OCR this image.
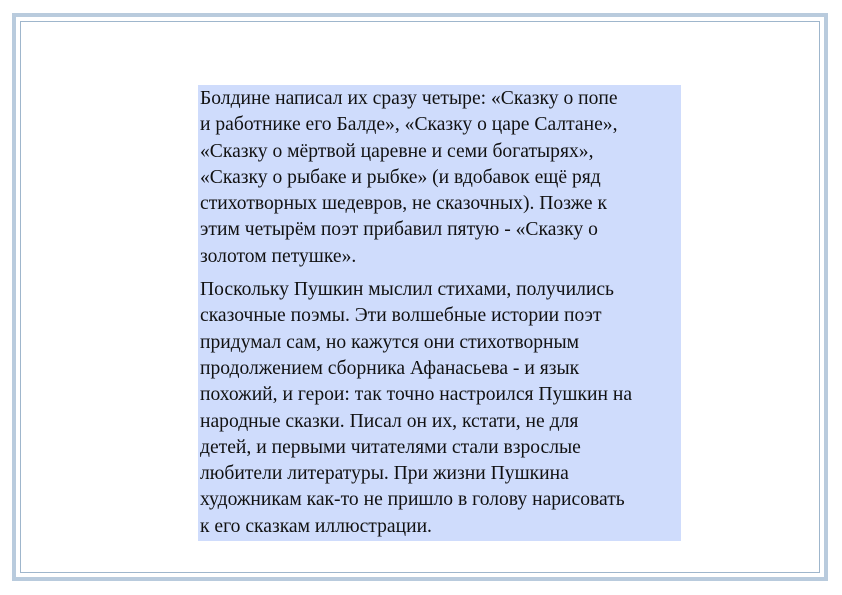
Болдине написал их сразу четыре: «Сказку о попе
и работнике его Балде», «Сказку о царе Салтане»,
«Сказку о мёртвой царевне и семи богатырях»,
«Сказку о рыбаке и рыбке» (и вдобавок ещё ряд
стихотворных шедевров, не сказочных). Позже к
этим четырём поэт прибавил пятую - «Сказку о
золотом петушке».

Поскольку Пушкин мыслил стихами, получились
сказочные поэмы. Эти волшебные истории поэт
придумал сам, но кажутся они стихотворным
продолжением сборника Афанасьева - и язык
похожий, и герои: так точно настроился Пушкин на
народные сказки. Писал он их, кстати, не для
детей, и первыми читателями стали взрослые
любители литературы. При жизни Пушкина
художникам как-то не пришло в голову нарисовать
к его сказкам иллюстрации.
